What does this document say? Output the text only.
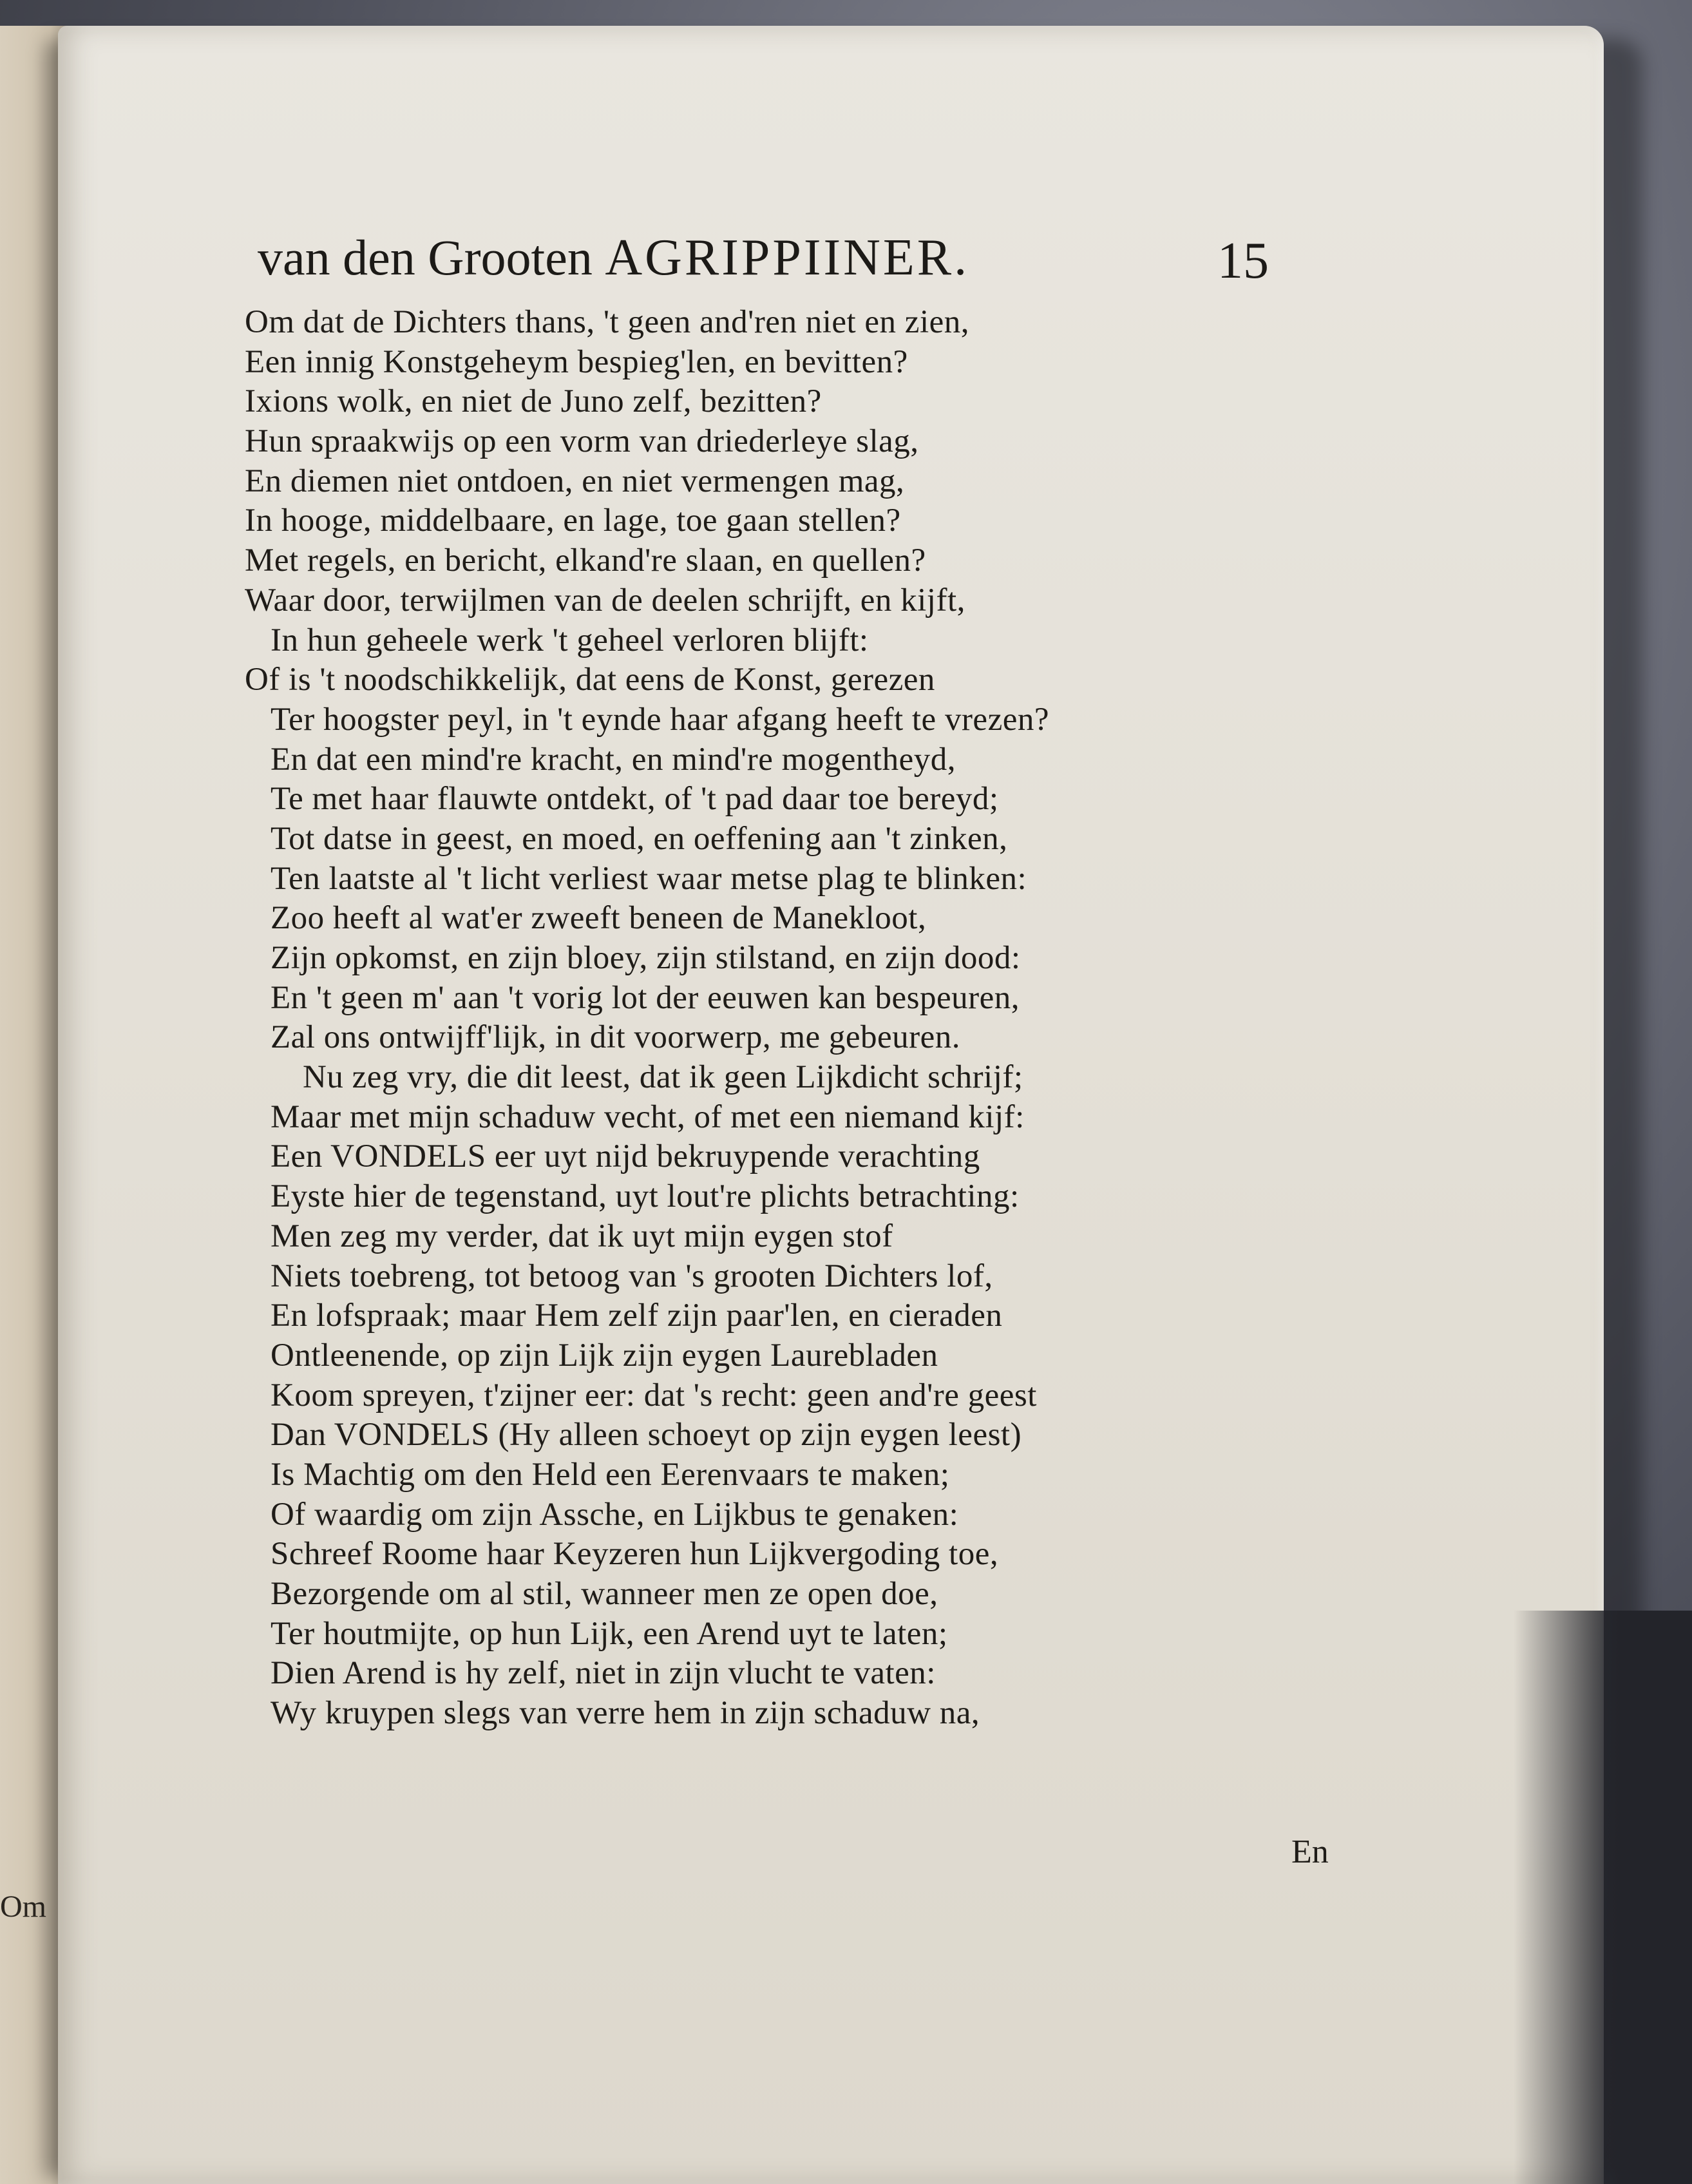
Om
van den Grooten AGRIPPIINER.	15
Om dat de Dichters thans, 't geen and'ren niet en zien,
Een innig Konstgeheym bespieg'len, en bevitten?
Ixions wolk, en niet de Juno zelf, bezitten?
Hun spraakwijs op een vorm van driederleye slag,
En diemen niet ontdoen, en niet vermengen mag,
In hooge, middelbaare, en lage, toe gaan stellen?
Met regels, en bericht, elkand're slaan, en quellen?
Waar door, terwijlmen van de deelen schrijft, en kijft,
In hun geheele werk 't geheel verloren blijft:
Of is 't noodschikkelijk, dat eens de Konst, gerezen
Ter hoogster peyl, in 't eynde haar afgang heeft te vrezen?
En dat een mind're kracht, en mind're mogentheyd,
Te met haar flauwte ontdekt, of 't pad daar toe bereyd;
Tot datse in geest, en moed, en oeffening aan 't zinken,
Ten laatste al 't licht verliest waar metse plag te blinken:
Zoo heeft al wat'er zweeft beneen de Manekloot,
Zijn opkomst, en zijn bloey, zijn stilstand, en zijn dood:
En 't geen m' aan 't vorig lot der eeuwen kan bespeuren,
Zal ons ontwijff'lijk, in dit voorwerp, me gebeuren.
Nu zeg vry, die dit leest, dat ik geen Lijkdicht schrijf;
Maar met mijn schaduw vecht, of met een niemand kijf:
Een VONDELS eer uyt nijd bekruypende verachting
Eyste hier de tegenstand, uyt lout're plichts betrachting:
Men zeg my verder, dat ik uyt mijn eygen stof
Niets toebreng, tot betoog van 's grooten Dichters lof,
En lofspraak; maar Hem zelf zijn paar'len, en cieraden
Ontleenende, op zijn Lijk zijn eygen Laurebladen
Koom spreyen, t'zijner eer: dat 's recht: geen and're geest
Dan VONDELS (Hy alleen schoeyt op zijn eygen leest)
Is Machtig om den Held een Eerenvaars te maken;
Of waardig om zijn Assche, en Lijkbus te genaken:
Schreef Roome haar Keyzeren hun Lijkvergoding toe,
Bezorgende om al stil, wanneer men ze open doe,
Ter houtmijte, op hun Lijk, een Arend uyt te laten;
Dien Arend is hy zelf, niet in zijn vlucht te vaten:
Wy kruypen slegs van verre hem in zijn schaduw na,
En
